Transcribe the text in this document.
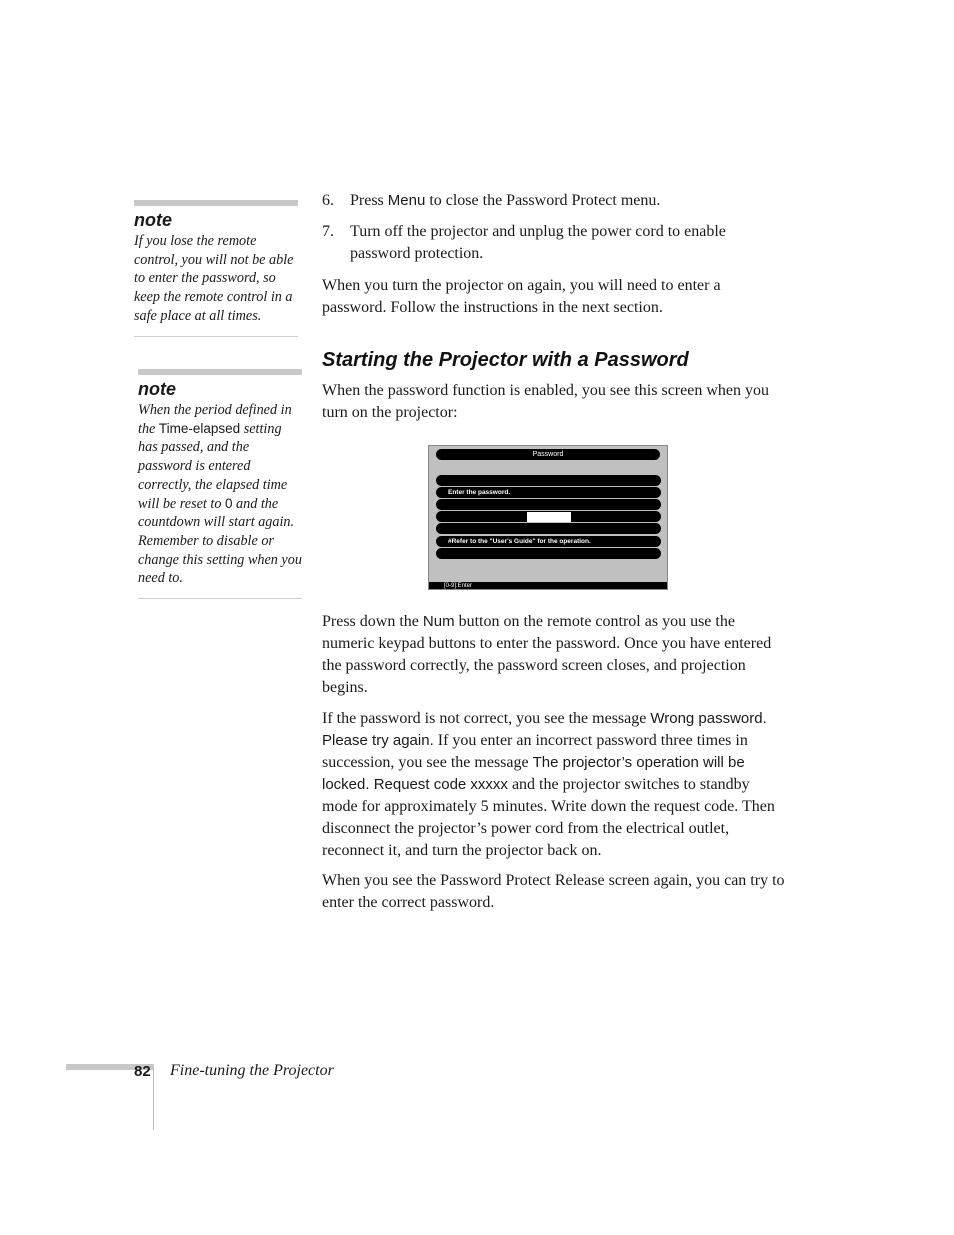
note
If you lose the remote control, you will not be able to enter the password, so keep the remote control in a safe place at all times.
note
When the period defined in the Time-elapsed setting has passed, and the password is entered correctly, the elapsed time will be reset to 0 and the countdown will start again. Remember to disable or change this setting when you need to.
6. Press Menu to close the Password Protect menu.
7. Turn off the projector and unplug the power cord to enable password protection.
When you turn the projector on again, you will need to enter a password. Follow the instructions in the next section.
Starting the Projector with a Password
When the password function is enabled, you see this screen when you turn on the projector:
Password
Enter the password.
#Refer to the "User's Guide" for the operation.
[0-9]:Enter
Press down the Num button on the remote control as you use the numeric keypad buttons to enter the password. Once you have entered the password correctly, the password screen closes, and projection begins.
If the password is not correct, you see the message Wrong password. Please try again. If you enter an incorrect password three times in succession, you see the message The projector’s operation will be locked. Request code xxxxx and the projector switches to standby mode for approximately 5 minutes. Write down the request code. Then disconnect the projector’s power cord from the electrical outlet, reconnect it, and turn the projector back on.
When you see the Password Protect Release screen again, you can try to enter the correct password.
82 Fine-tuning the Projector
